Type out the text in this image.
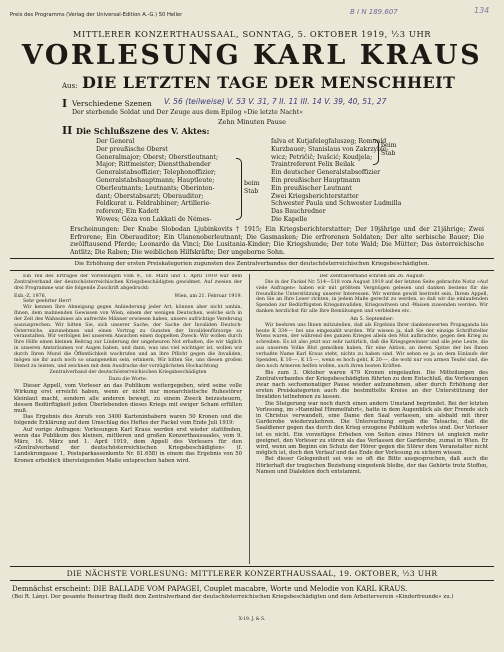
Preis des Programms (Verlag der Universal-Edition A.-G.) 50 Heller	B I N 189.607	134
MITTLERER KONZERTHAUSSAAL, SONNTAG, 5. OKTOBER 1919, ½3 UHR
VORLESUNG KARL KRAUS
Aus: DIE LETZTEN TAGE DER MENSCHHEIT
I Verschiedene Szenen V. 56 (teilweise) V. 53 V. 31, 7 II. 11 III. 14 V. 39, 40, 51, 27
Der sterbende Soldat und Der Zeuge aus dem Epilog »Die letzte Nacht«
Zehn Minuten Pause
II Die Schlußszene des V. Aktes:
Der General
Der preußische Oberst
Generalmajor; Oberst; Oberstleutnant;
Major; Rittmeister; Dienstthabender
Generalstabsoffizier; Telephonoffizier;
Generalstabshauptmann; Hauptleute;
Oberleutnants; Leutnants; Oberinten-
dant; Oberstabsarzt; Oberauditor;
Feldkurat u. Feldrabbiner; Artillerie-
referent; Ein Kadett
Wowes; Géza von Lakkati de Némes-
beim
Stab
falva et Kutjafelegfaluszeg; Romuald
Kurzbauer; Stanislaus von Zakrzybie-
wicz; Petričič; Ivašcić; Koudjela;
Traintreferent Felix Beilak
Ein deutscher Generalstabsoffizier
Ein preußischer Hauptmann
Ein preußischer Leutnant
Zwei Kriegsberichterstatter
Schwester Paula und Schwester Ludmilla
Das Bauchredner
Die Kapelle
beim
Stab
Erscheinungen: Der Knabe Slobodan Ljubinkovits † 1915; Ein Kriegsberichterstatter; Der 19jährige und der 21jährige; Zwei Erfrorene; Ein Oberauditor; Ein Ulanenoberleutnant; Die Gasmasken; Die erfrorenen Soldaten; Der alte serbische Bauer; Die zwölftausend Pferde; Leonardo da Vinci; Die Lusitania-Kinder; Die Kriegshunde; Der tote Wald; Die Mütter; Das österreichische Antlitz; Die Raben; Die weiblichen Hilfskräfte; Der ungeborne Sohn.
Die Erhöhung der ersten Preiskategorien zugunsten des Zentralverbandes der deutschösterreichischen Kriegsbeschädigten.

Ein Teil des Ertrages der Vorlesungen vom 9., 16. März und 1. April 1919 war dem Zentralverband der deutschösterreichischen Kriegsbeschädigten gewidmet. Auf zweien der drei Programme war die folgende Zuschrift abgedruckt:

Exh.-Z. 1976.	Wien, am 21. Februar 1919.

Sehr geehrter Herr!

Wir kennen Ihre Abneigung gegen Anbiederung jeder Art, können aber nicht umhin, Ihnen, dem mahnenden Gewissen von Wien, einem der wenigen Deutschen, welche sich in der Zeit des Wahnsinnes als aufrechte Männer erwiesen haben, unsere aufrichtige Verehrung auszusprechen. Wir bitten Sie, sich unserer Sache, der Sache der Invaliden Deutsch-Österreichs, anzunehmen und einen Vortrag zu Gunsten der Invalidenfürsorge zu veranstalten. Wir verfolgen bei unserem Ansuchen einen doppelten Zweck: Wir wollen durch Ihre Hilfe einen kleinen Beitrag zur Linderung der ungeheuren Not erhalten, die wir täglich in unseren Amtsräumen vor Augen haben, und dann, was uns viel wichtiger ist, wollen wir durch Ihren Mund die Öffentlichkeit wachrufen und an ihre Pflicht gegen die Invaliden, mögen sie ihr auch noch so unangenehm sein, erinnern. Wir bitten Sie, uns diesen großen Dienst zu leisten, und zeichnen mit dem Ausdrucke der vorzüglichsten Hochachtung

Zentralverband der deutschösterreichischen Kriegsbeschädigten

Dazu die Worte:

Dieser Appell, vom Vorleser an das Publikum weitergegeben, wird seine volle Wirkung erst erreicht haben, wenn er nicht nur monarchistische Ruhestörer kleinlaut macht, sondern alle anderen bewegt, zu einem Zweck beizusteuern, dessen Bedürftigkeit jeden Überlebenden dieses Kriegs mit ewiger Scham erfüllen muß.

Das Ergebnis des Anrufs von 3400 Karteninhabern waren 50 Kronen und die folgende Erklärung auf dem Umschlag des Heftes der Fackel vom Ende Juli 1919:

Auf vorige Anfragen: Vorlesungen Karl Kraus werden erst wieder stattfinden, wenn das Publikum des kleinen, mittleren und großen Konzerthaussaales, vom 9. März, 16. März und 1. April 1919, dem Appell des Vorlesers für den »Zentralverband der deutschösterreichischen Kriegsbeschädigten« (f. Landskrongasse 1, Postsparkassenkonto Nr. 81.658) in einem das Ergebnis von 50 Kronen erheblich übersteigenden Maße entsprochen haben wird.

Der Zentralverband schrieb am 26. August:

Die in der Fackel Nr. 514—518 vom August 1919 auf der letzten Seite gebrachte Notiz »Auf viele Anfragen« haben wir mit größtem Vergnügen gelesen und danken bestens für die freundliche Unterstützung unserer Interessen. Wir werden gewiß bestrebt sein, Ihrem Appell, den Sie an Ihre Leser richten, in jedem Maße gerecht zu werden, so daß wir die einlaufenden Spenden zur Bedürftigsten Kriegsinvaliden, Kriegswitwen und -Waisen zuwenden werden. Wir danken herzlichst für alle Ihre Bemühungen und verbleiben etc.

Am 5. September:

Wir beehren uns Ihnen mitzuteilen, daß als Ergebnis Ihrer dankenswerten Propaganda bis heute K 334·— bei uns eingezahlt wurden. Wir wissen ja, daß Sie der einzige Schriftsteller Wiens waren, der während des ganzen Krieges allein den Mut aufbrachte, gegen den Krieg zu schreiben. Es ist also jetzt nur sehr natürlich, daß die Kriegsgewinner und alle jene Leute, die aus unserem Volke Blut gemolken haben, für eine Aktion, an deren Spitze der bei Ihnen verhaßte Name Karl Kraus steht, nichts zu haben sind. Wir sehen es ja an dem Einlaufe der Spenden, K 10·—, K 15·—, wenn es hoch geht, K 20·—, die wohl nur von armen Teufel sind, die den noch Armeren helfen wollen, auch ihren besten Kräften.

Bis zum 3. Oktober waren 479 Kronen eingelaufen. Die Mitteilungen des Zentralverbandes der Kriegsbeschädigten führten zu dem Entschluß, die Vorlesungen zwar nach sechsmonatiger Pause wieder aufzunehmen, aber durch Erhöhung der ersten Preiskategorien auch die bestmittelte Kreise an der Unterstützung der Invaliden teilnehmen zu lassen.

Die Steigerung war noch durch einen andern Umstand begründet. Bei der letzten Vorlesung, im »Hannibal Himmelfahrt«, hatte in dem Augenblick als der Fremde sich in Christus verwandelt, eine Dame den Saal verlassen, um alsbald mit ihrer Garderobe wiederzukehren. Die Untersuchung ergab die Tatsache, daß die Saaldiener gegen das durch den Krieg erzogene Publikum wehrlos sind. Der Vorleser ist es nicht. Ein vorzeitiges Erheben von Seiten eines Hörers ist ungleich mehr geeignet, den Vorleser zu stören als das Verlassen der Garderobe, zumal in Wien. Er wird, wenn am Beginn ein Schutz der Hörer gegen die Störer dem Veranstalter nicht möglich ist, doch den Verlauf und das Ende der Vorlesung zu sichern wissen.

Bei dieser Gelegenheit sei wie so oft die Bitte ausgesprochen, daß auch die Hörlerhaft der tragischen Beziehung eingedenk bleibe, der das Gehörte trotz Stoffen, Namen und Dialekten doch entstammt.

DIE NÄCHSTE VORLESUNG: MITTLERER KONZERTHAUSSAAL, 19. OKTOBER, ½3 UHR
Demnächst erscheint: DIE BALLADE VOM PAPAGEI, Couplet macabre, Worte und Melodie von KARL KRAUS.
(Bei R. Lányi. Der gesamte Reinertrag fließt dem Zentralverband der deutschösterreichischen Kriegsbeschädigten und dem Arbeiterverein »Kinderfreunde« zu.)
X-19. J. & S.
